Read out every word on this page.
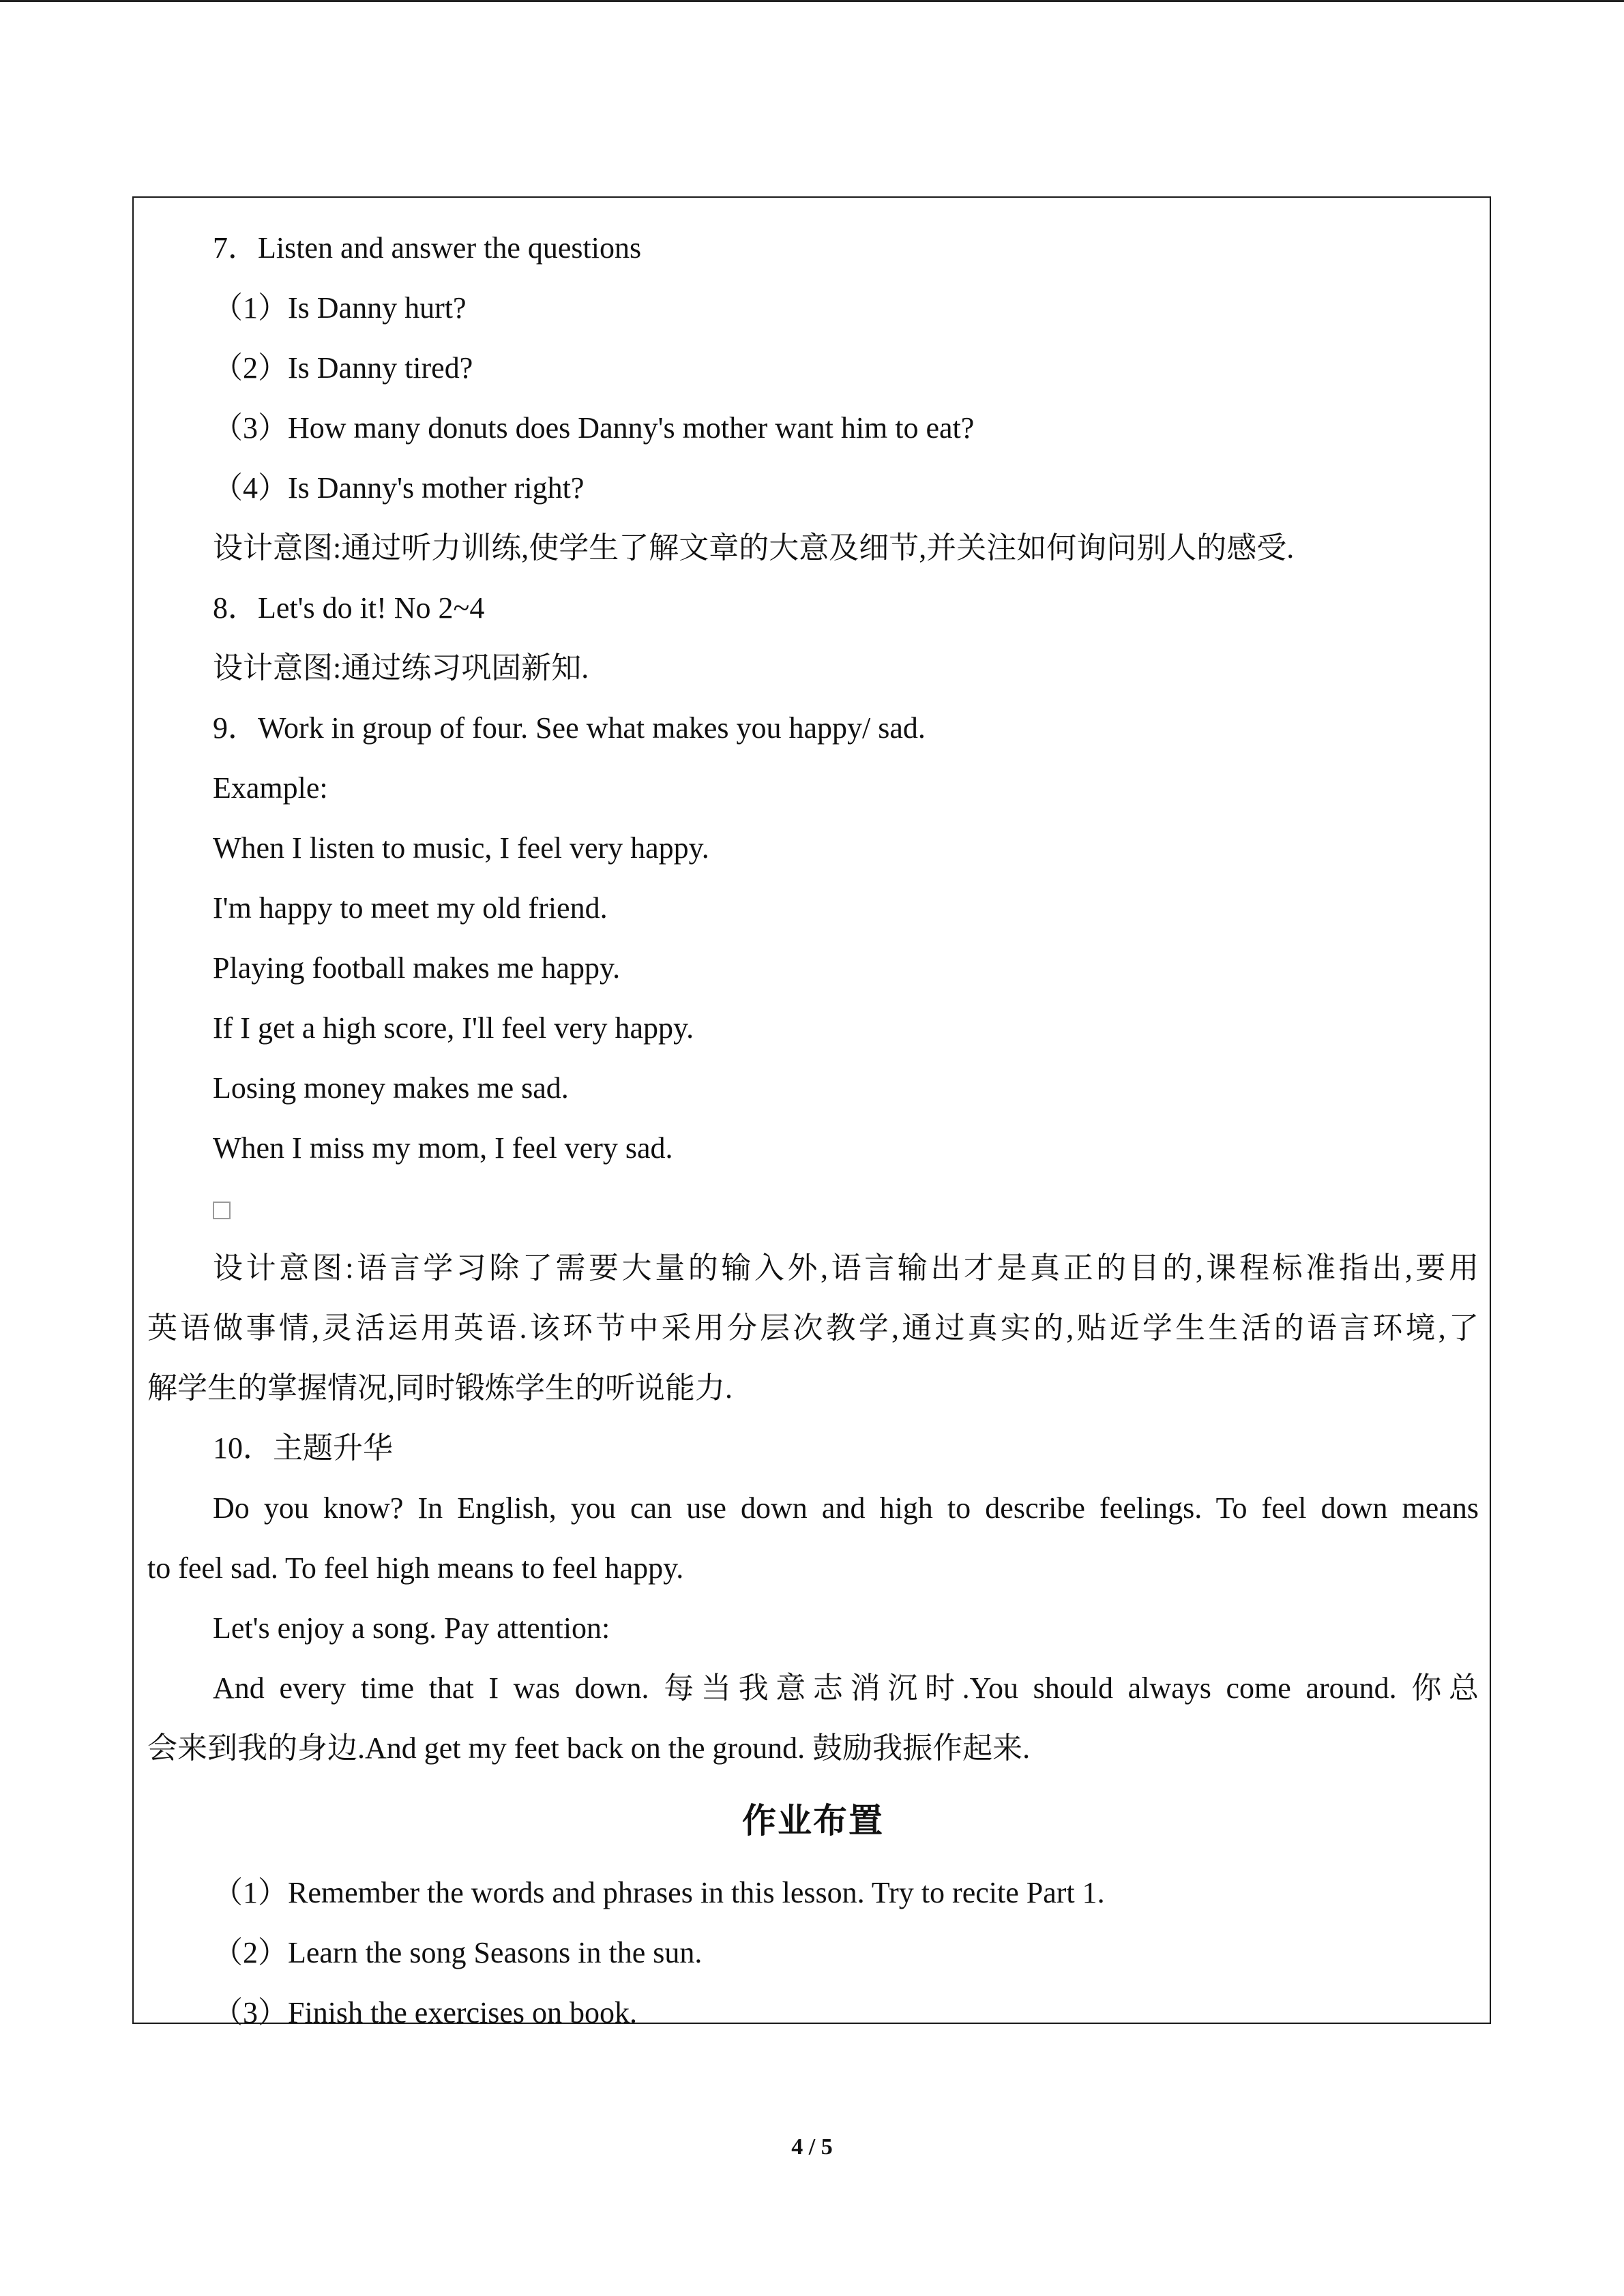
7．Listen and answer the questions
（1）Is Danny hurt?
（2）Is Danny tired?
（3）How many donuts does Danny's mother want him to eat?
（4）Is Danny's mother right?
设计意图:通过听力训练,使学生了解文章的大意及细节,并关注如何询问别人的感受.
8．Let's do it! No 2~4
设计意图:通过练习巩固新知.
9．Work in group of four. See what makes you happy/ sad.
Example:
When I listen to music, I feel very happy.
I'm happy to meet my old friend.
Playing football makes me happy.
If I get a high score, I'll feel very happy.
Losing money makes me sad.
When I miss my mom, I feel very sad.
设计意图:语言学习除了需要大量的输入外,语言输出才是真正的目的,课程标准指出,要用
英语做事情,灵活运用英语.该环节中采用分层次教学,通过真实的,贴近学生生活的语言环境,了
解学生的掌握情况,同时锻炼学生的听说能力.
10．主题升华
Do you know? In English, you can use down and high to describe feelings. To feel down means
to feel sad. To feel high means to feel happy.
Let's enjoy a song. Pay attention:
And every time that I was down. 每当我意志消沉时.You should always come around. 你总
会来到我的身边.And get my feet back on the ground. 鼓励我振作起来.
作业布置
（1）Remember the words and phrases in this lesson. Try to recite Part 1.
（2）Learn the song Seasons in the sun.
（3）Finish the exercises on book.
4 / 5
